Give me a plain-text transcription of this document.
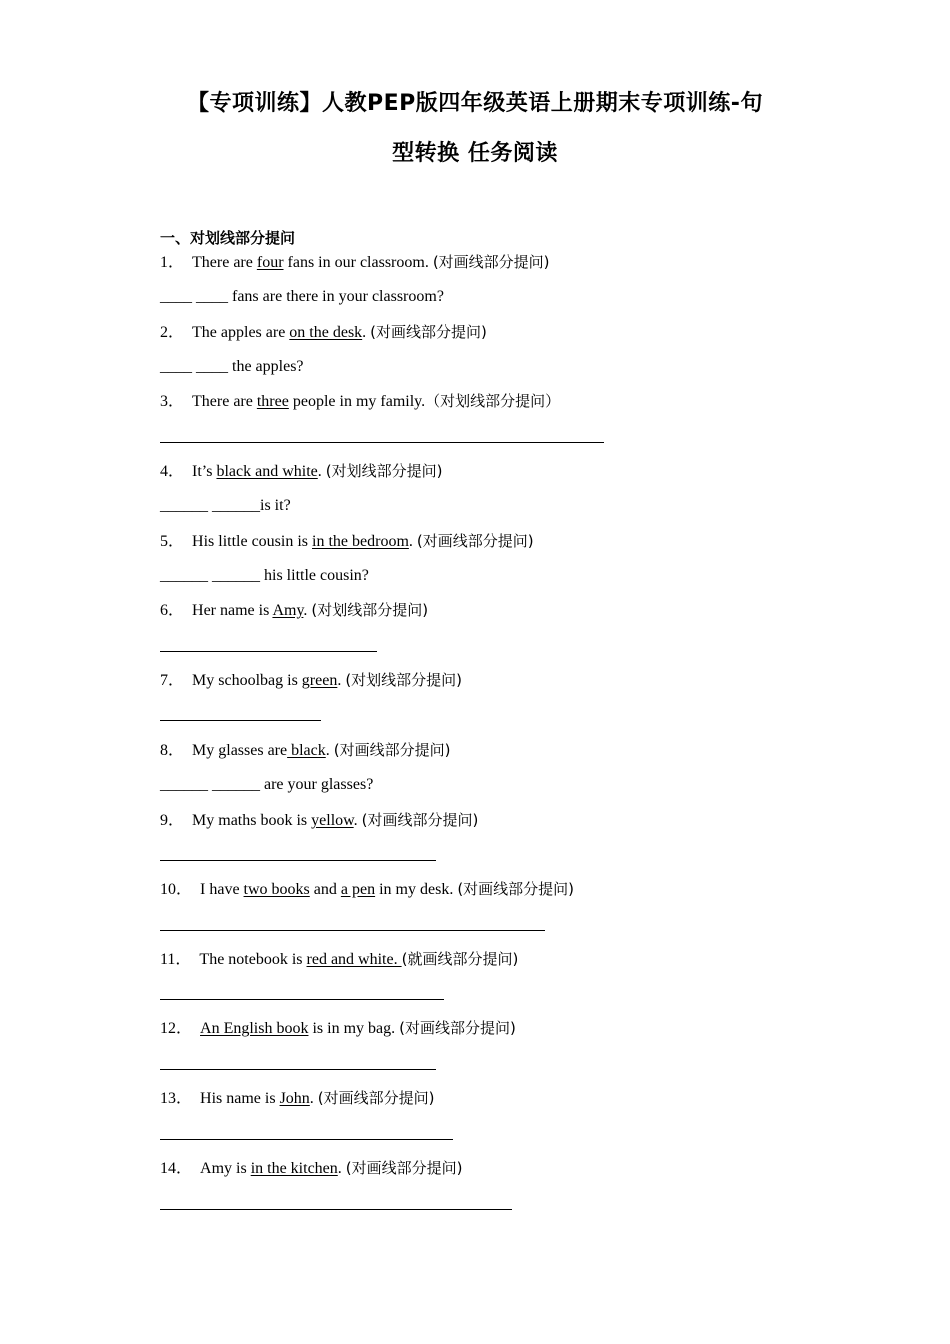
【专项训练】人教PEP版四年级英语上册期末专项训练-句
型转换 任务阅读
一、对划线部分提问
1． There are four fans in our classroom. (对画线部分提问)
____ ____ fans are there in your classroom?
2． The apples are on the desk. (对画线部分提问)
____ ____ the apples?
3． There are three people in my family.（对划线部分提问）
4． It’s black and white. (对划线部分提问)
______ ______is it?
5． His little cousin is in the bedroom. (对画线部分提问)
______ ______ his little cousin?
6． Her name is Amy. (对划线部分提问)
7． My schoolbag is green. (对划线部分提问)
8． My glasses are black. (对画线部分提问)
______ ______ are your glasses?
9． My maths book is yellow. (对画线部分提问)
10． I have two books and a pen in my desk. (对画线部分提问)
11． The notebook is red and white. (就画线部分提问)
12． An English book is in my bag. (对画线部分提问)
13． His name is John. (对画线部分提问)
14． Amy is in the kitchen. (对画线部分提问)
